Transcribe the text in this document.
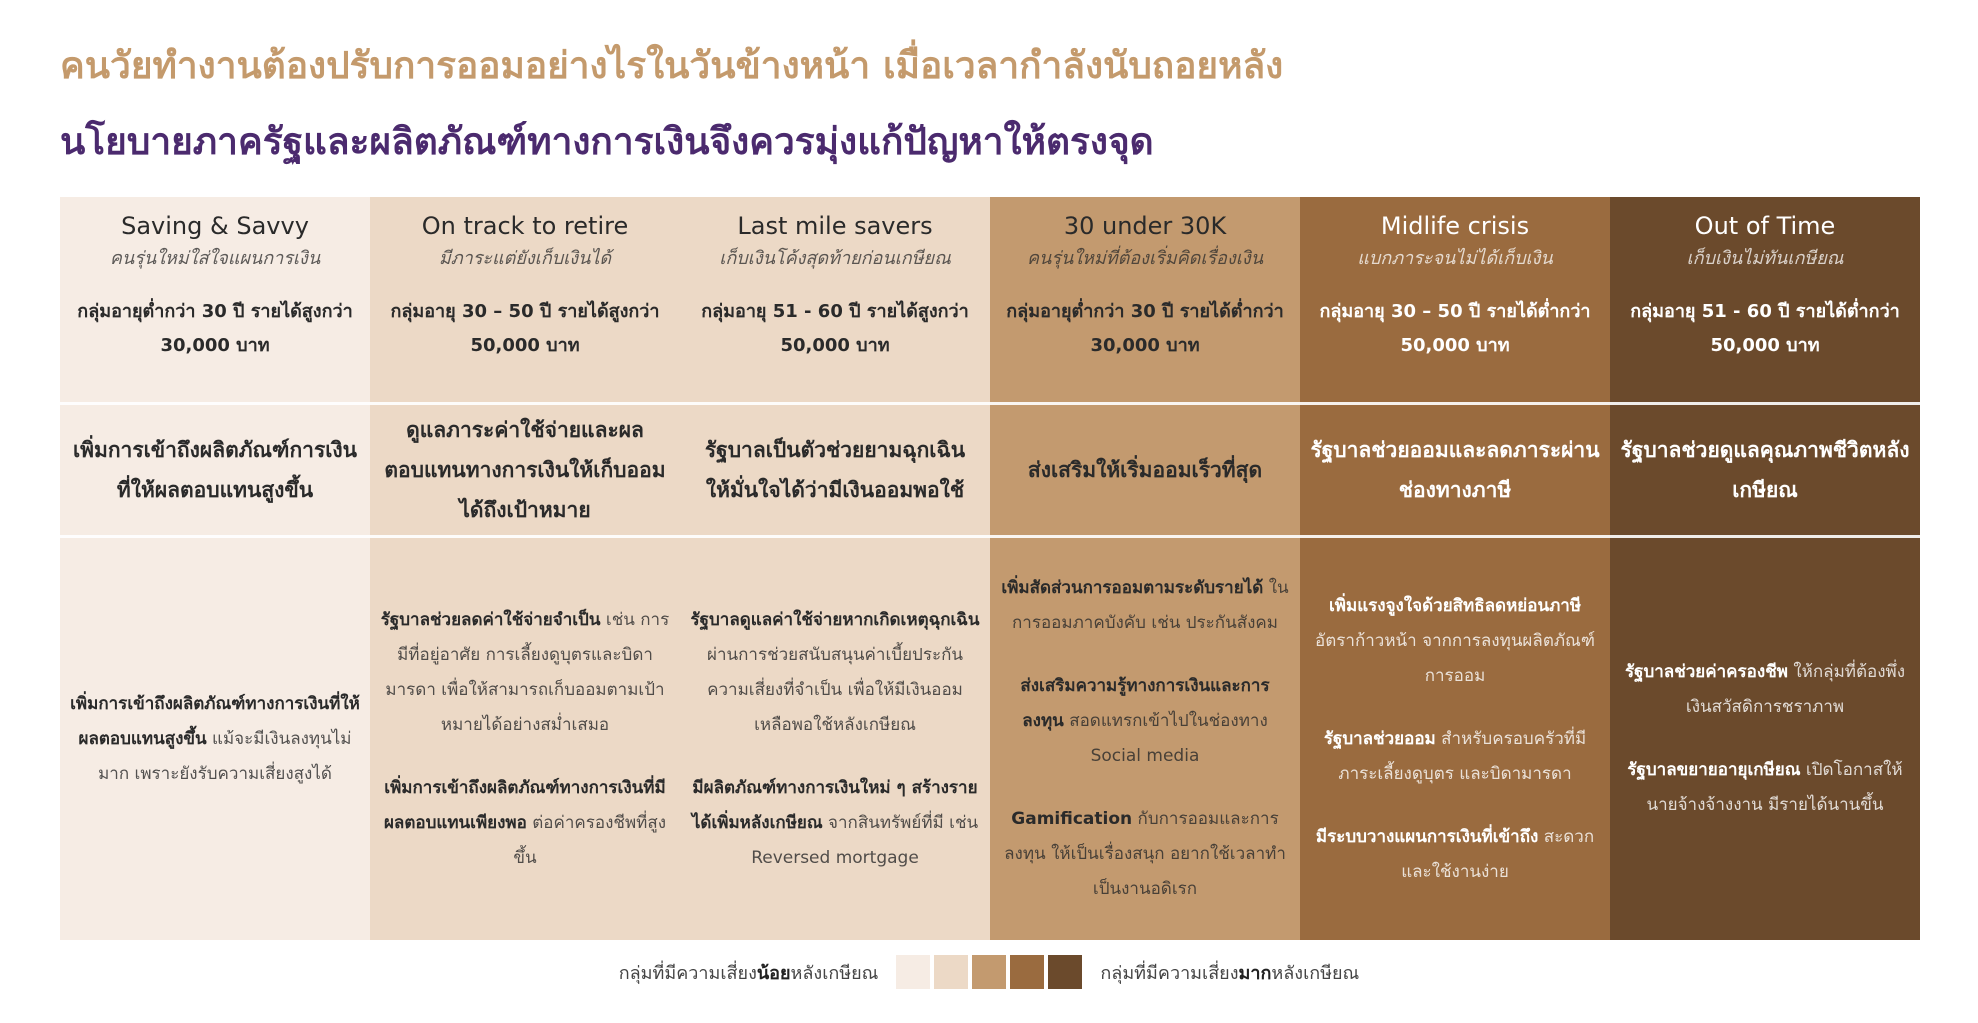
คนวัยทำงานต้องปรับการออมอย่างไรในวันข้างหน้า เมื่อเวลากำลังนับถอยหลัง
นโยบายภาครัฐและผลิตภัณฑ์ทางการเงินจึงควรมุ่งแก้ปัญหาให้ตรงจุด
Saving & Savvy
คนรุ่นใหม่ใส่ใจแผนการเงิน
กลุ่มอายุต่ำกว่า 30 ปี รายได้สูงกว่า 30,000 บาท
On track to retire
มีภาระแต่ยังเก็บเงินได้
กลุ่มอายุ 30 – 50 ปี รายได้สูงกว่า 50,000 บาท
Last mile savers
เก็บเงินโค้งสุดท้ายก่อนเกษียณ
กลุ่มอายุ 51 - 60 ปี รายได้สูงกว่า 50,000 บาท
30 under 30K
คนรุ่นใหม่ที่ต้องเริ่มคิดเรื่องเงิน
กลุ่มอายุต่ำกว่า 30 ปี รายได้ต่ำกว่า 30,000 บาท
Midlife crisis
แบกภาระจนไม่ได้เก็บเงิน
กลุ่มอายุ 30 – 50 ปี รายได้ต่ำกว่า 50,000 บาท
Out of Time
เก็บเงินไม่ทันเกษียณ
กลุ่มอายุ 51 - 60 ปี รายได้ต่ำกว่า 50,000 บาท
เพิ่มการเข้าถึงผลิตภัณฑ์การเงินที่ให้ผลตอบแทนสูงขึ้น
ดูแลภาระค่าใช้จ่ายและผลตอบแทนทางการเงินให้เก็บออมได้ถึงเป้าหมาย
รัฐบาลเป็นตัวช่วยยามฉุกเฉิน ให้มั่นใจได้ว่ามีเงินออมพอใช้
ส่งเสริมให้เริ่มออมเร็วที่สุด
รัฐบาลช่วยออมและลดภาระผ่านช่องทางภาษี
รัฐบาลช่วยดูแลคุณภาพชีวิตหลังเกษียณ
เพิ่มการเข้าถึงผลิตภัณฑ์ทางการเงินที่ให้ผลตอบแทนสูงขึ้น แม้จะมีเงินลงทุนไม่มาก เพราะยังรับความเสี่ยงสูงได้
รัฐบาลช่วยลดค่าใช้จ่ายจำเป็น เช่น การมีที่อยู่อาศัย การเลี้ยงดูบุตรและบิดามารดา เพื่อให้สามารถเก็บออมตามเป้าหมายได้อย่างสม่ำเสมอ
เพิ่มการเข้าถึงผลิตภัณฑ์ทางการเงินที่มีผลตอบแทนเพียงพอ ต่อค่าครองชีพที่สูงขึ้น
รัฐบาลดูแลค่าใช้จ่ายหากเกิดเหตุฉุกเฉิน ผ่านการช่วยสนับสนุนค่าเบี้ยประกันความเสี่ยงที่จำเป็น เพื่อให้มีเงินออมเหลือพอใช้หลังเกษียณ
มีผลิตภัณฑ์ทางการเงินใหม่ ๆ สร้างรายได้เพิ่มหลังเกษียณ จากสินทรัพย์ที่มี เช่น Reversed mortgage
เพิ่มสัดส่วนการออมตามระดับรายได้ ในการออมภาคบังคับ เช่น ประกันสังคม
ส่งเสริมความรู้ทางการเงินและการลงทุน สอดแทรกเข้าไปในช่องทาง Social media
Gamification กับการออมและการลงทุน ให้เป็นเรื่องสนุก อยากใช้เวลาทำเป็นงานอดิเรก
เพิ่มแรงจูงใจด้วยสิทธิลดหย่อนภาษี อัตราก้าวหน้า จากการลงทุนผลิตภัณฑ์การออม
รัฐบาลช่วยออม สำหรับครอบครัวที่มีภาระเลี้ยงดูบุตร และบิดามารดา
มีระบบวางแผนการเงินที่เข้าถึง สะดวกและใช้งานง่าย
รัฐบาลช่วยค่าครองชีพ ให้กลุ่มที่ต้องพึ่งเงินสวัสดิการชราภาพ
รัฐบาลขยายอายุเกษียณ เปิดโอกาสให้นายจ้างจ้างงาน มีรายได้นานขึ้น
กลุ่มที่มีความเสี่ยงน้อยหลังเกษียณ	กลุ่มที่มีความเสี่ยงมากหลังเกษียณ
